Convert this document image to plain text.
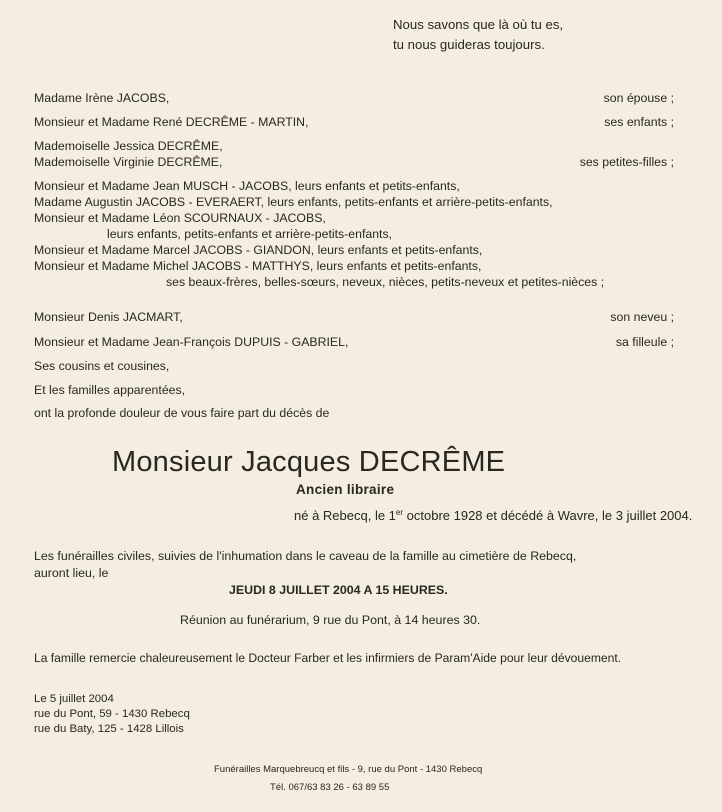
Nous savons que là où tu es,
tu nous guideras toujours.
Madame Irène JACOBS,	son épouse ;
Monsieur et Madame René DECRÊME - MARTIN,	ses enfants ;
Mademoiselle Jessica DECRÊME,
Mademoiselle Virginie DECRÊME,	ses petites-filles ;
Monsieur et Madame Jean MUSCH - JACOBS, leurs enfants et petits-enfants,
Madame Augustin JACOBS - EVERAERT, leurs enfants, petits-enfants et arrière-petits-enfants,
Monsieur et Madame Léon SCOURNAUX - JACOBS,
leurs enfants, petits-enfants et arrière-petits-enfants,
Monsieur et Madame Marcel JACOBS - GIANDON, leurs enfants et petits-enfants,
Monsieur et Madame Michel JACOBS - MATTHYS, leurs enfants et petits-enfants,
ses beaux-frères, belles-sœurs, neveux, nièces, petits-neveux et petites-nièces ;
Monsieur Denis JACMART,	son neveu ;
Monsieur et Madame Jean-François DUPUIS - GABRIEL,	sa filleule ;
Ses cousins et cousines,
Et les familles apparentées,
ont la profonde douleur de vous faire part du décès de
Monsieur Jacques DECRÊME
Ancien libraire
né à Rebecq, le 1er octobre 1928 et décédé à Wavre, le 3 juillet 2004.
Les funérailles civiles, suivies de l'inhumation dans le caveau de la famille au cimetière de Rebecq,
auront lieu, le
JEUDI 8 JUILLET 2004 A 15 HEURES.
Réunion au funérarium, 9 rue du Pont, à 14 heures 30.
La famille remercie chaleureusement le Docteur Farber et les infirmiers de Param'Aide pour leur dévouement.
Le 5 juillet 2004
rue du Pont, 59 - 1430 Rebecq
rue du Baty, 125 - 1428 Lillois
Funérailles Marquebreucq et fils - 9, rue du Pont - 1430 Rebecq
Tél. 067/63 83 26 - 63 89 55
